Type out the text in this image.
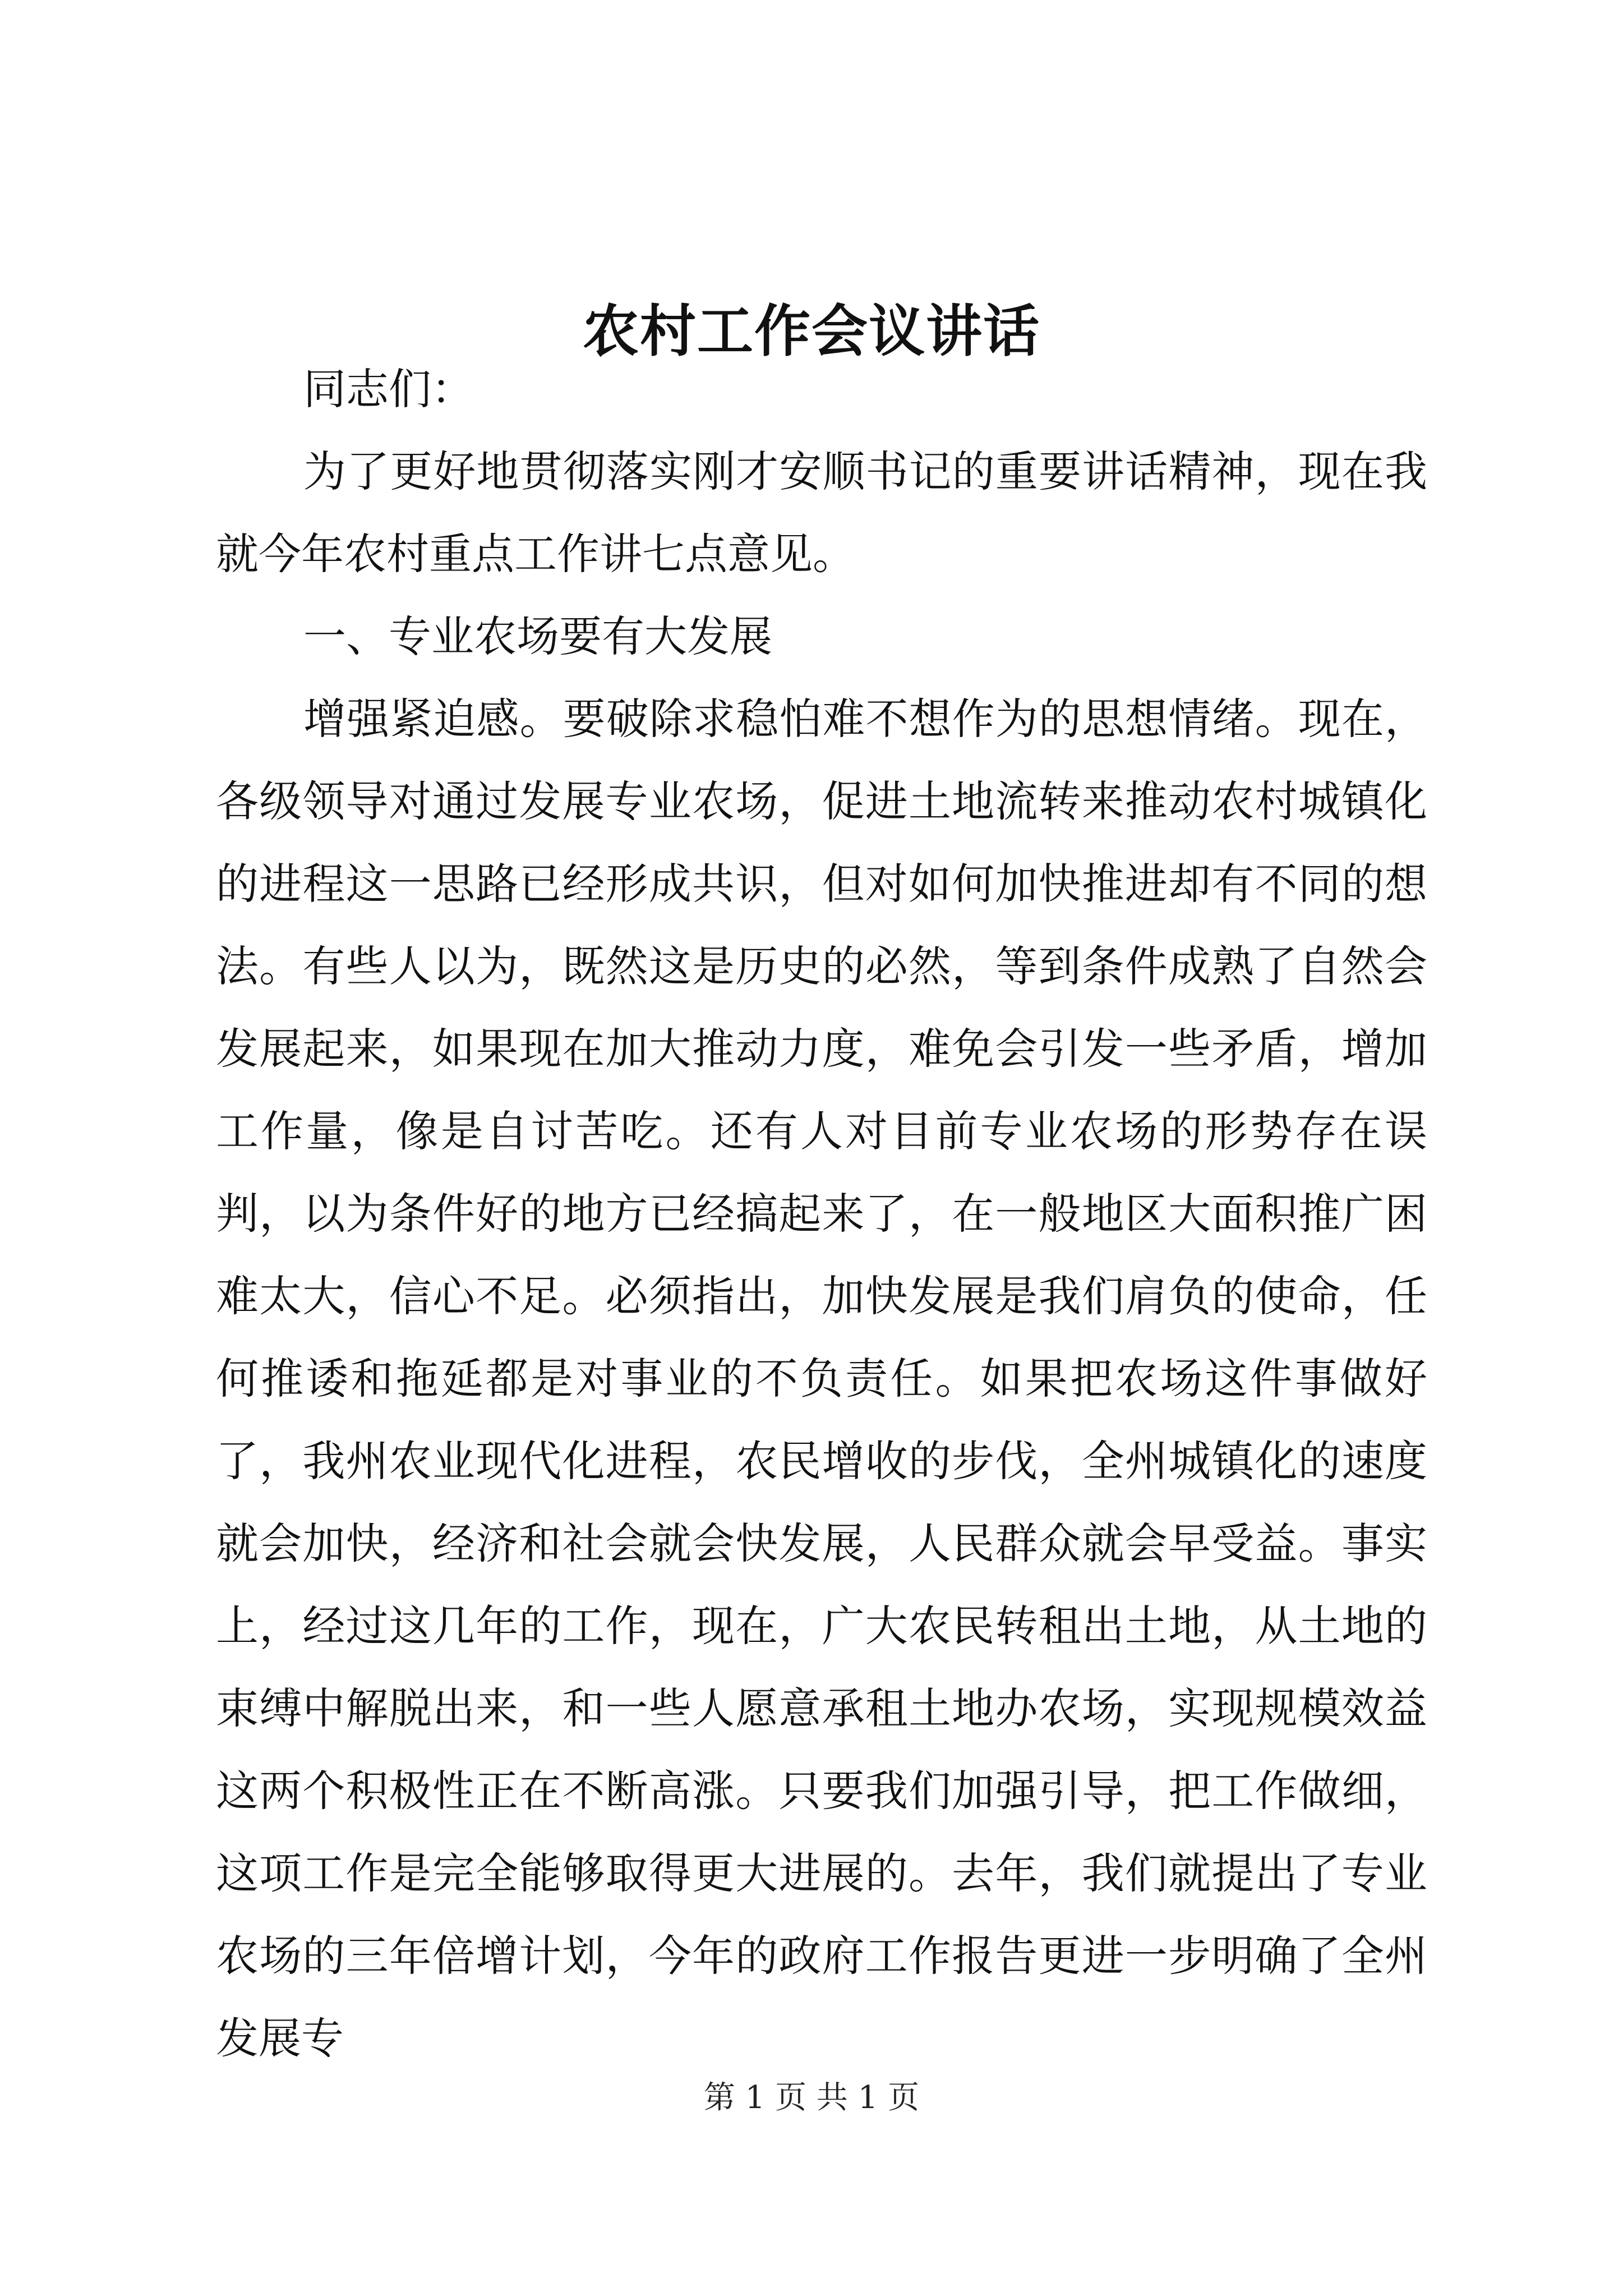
农村工作会议讲话

同志们：

为了更好地贯彻落实刚才安顺书记的重要讲话精神，现在我就今年农村重点工作讲七点意见。

一、专业农场要有大发展

增强紧迫感。要破除求稳怕难不想作为的思想情绪。现在，各级领导对通过发展专业农场，促进土地流转来推动农村城镇化的进程这一思路已经形成共识，但对如何加快推进却有不同的想法。有些人以为，既然这是历史的必然，等到条件成熟了自然会发展起来，如果现在加大推动力度，难免会引发一些矛盾，增加工作量，像是自讨苦吃。还有人对目前专业农场的形势存在误判，以为条件好的地方已经搞起来了，在一般地区大面积推广困难太大，信心不足。必须指出，加快发展是我们肩负的使命，任何推诿和拖延都是对事业的不负责任。如果把农场这件事做好了，我州农业现代化进程，农民增收的步伐，全州城镇化的速度就会加快，经济和社会就会快发展，人民群众就会早受益。事实上，经过这几年的工作，现在，广大农民转租出土地，从土地的束缚中解脱出来，和一些人愿意承租土地办农场，实现规模效益这两个积极性正在不断高涨。只要我们加强引导，把工作做细，这项工作是完全能够取得更大进展的。去年，我们就提出了专业农场的三年倍增计划，今年的政府工作报告更进一步明确了全州发展专

第 1 页 共 1 页
